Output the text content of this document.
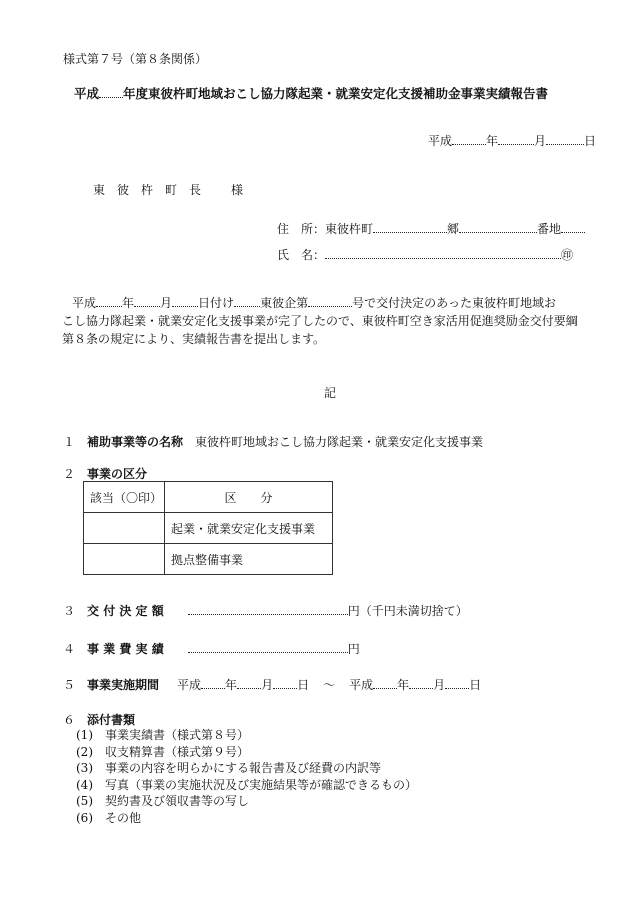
様式第７号（第８条関係）
平成 年度東彼杵町地域おこし協力隊起業・就業安定化支援補助金事業実績報告書
平成	年	月	日
東　彼　杵　町　長	様
住　所：東彼杵町	郷	番地
氏　名：	㊞
平成 年 月 日付け 東彼企第	号で交付決定のあった東彼杵町地域お
こし協力隊起業・就業安定化支援事業が完了したので、東彼杵町空き家活用促進奨励金交付要綱
第８条の規定により、実績報告書を提出します。
記
１ 補助事業等の名称 東彼杵町地域おこし協力隊起業・就業安定化支援事業
２ 事業の区分
該当（〇印）	区　　分
	起業・就業安定化支援事業
	拠点整備事業
３ 交 付 決 定 額	円（千円未満切捨て）
４ 事 業 費 実 績	円
５ 事業実施期間 平成 年 月 日 ～ 平成 年 月 日
６ 添付書類
(1)　事業実績書（様式第８号）
(2)　収支精算書（様式第９号）
(3)　事業の内容を明らかにする報告書及び経費の内訳等
(4)　写真（事業の実施状況及び実施結果等が確認できるもの）
(5)　契約書及び領収書等の写し
(6)　その他
